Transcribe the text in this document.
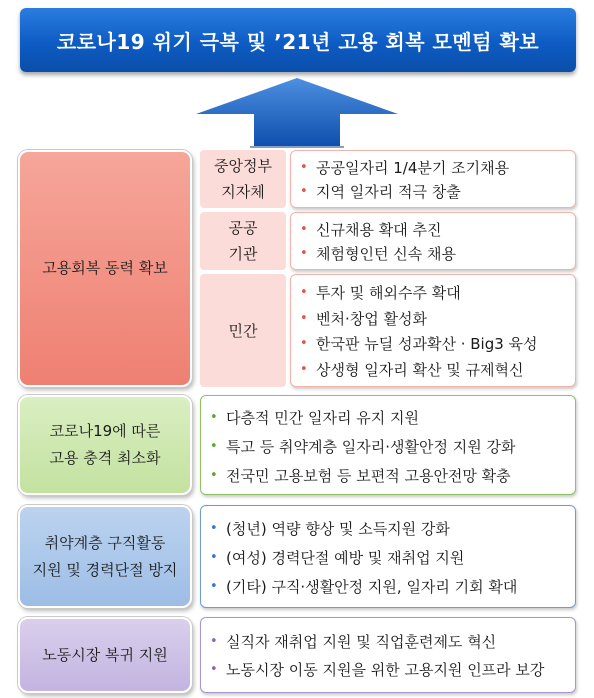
코로나19 위기 극복 및 ’21년 고용 회복 모멘텀 확보
고용회복 동력 확보
중앙정부
지자체
• 공공일자리 1/4분기 조기채용
• 지역 일자리 적극 창출
공공
기관
• 신규채용 확대 추진
• 체험형인턴 신속 채용
민간
• 투자 및 해외수주 확대
• 벤처·창업 활성화
• 한국판 뉴딜 성과확산 · Big3 육성
• 상생형 일자리 확산 및 규제혁신
코로나19에 따른
고용 충격 최소화
• 다층적 민간 일자리 유지 지원
• 특고 등 취약계층 일자리·생활안정 지원 강화
• 전국민 고용보험 등 보편적 고용안전망 확충
취약계층 구직활동
지원 및 경력단절 방지
• (청년) 역량 향상 및 소득지원 강화
• (여성) 경력단절 예방 및 재취업 지원
• (기타) 구직·생활안정 지원, 일자리 기회 확대
노동시장 복귀 지원
• 실직자 재취업 지원 및 직업훈련제도 혁신
• 노동시장 이동 지원을 위한 고용지원 인프라 보강
